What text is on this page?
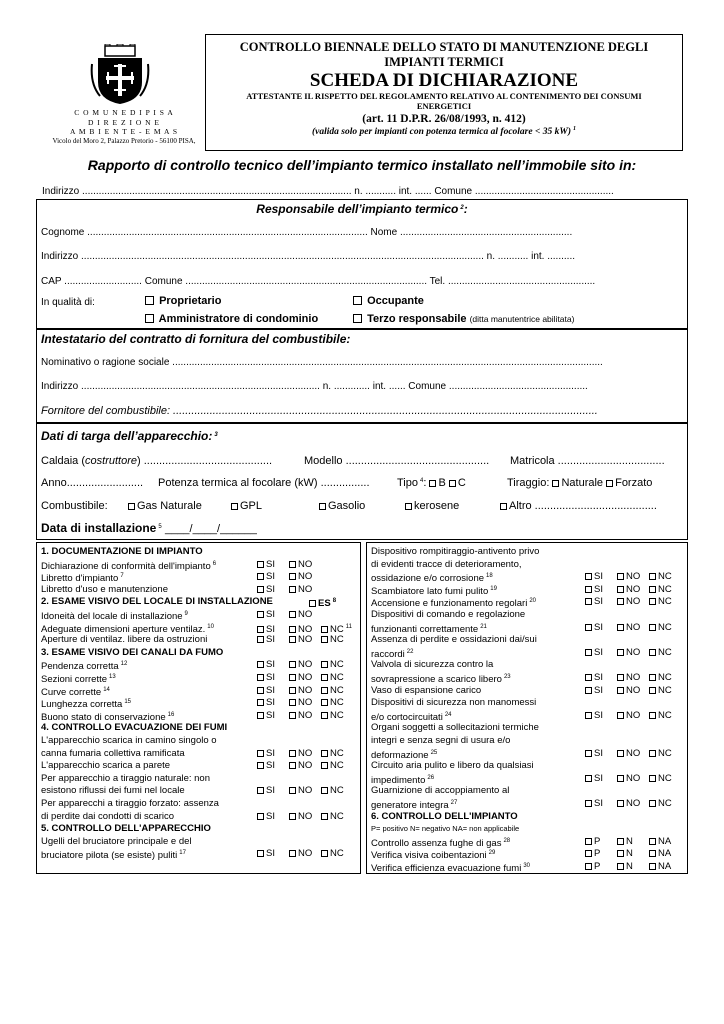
C O M U N E D I P I S A
D I R E Z I O N E
A M B I E N T E - E M A S
Vicolo del Moro 2, Palazzo Pretorio - 56100 PISA,
CONTROLLO BIENNALE DELLO STATO DI MANUTENZIONE DEGLI
IMPIANTI TERMICI
SCHEDA DI DICHIARAZIONE
ATTESTANTE IL RISPETTO DEL REGOLAMENTO RELATIVO AL CONTENIMENTO DEI CONSUMI
ENERGETICI
(art. 11 D.P.R. 26/08/1993, n. 412)
(valida solo per impianti con potenza termica al focolare < 35 kW) $^1$
Rapporto di controllo tecnico dell’impianto termico installato nell’immobile sito in:
Indirizzo ................................................................................................. n. ........... int. ...... Comune ..................................................
Responsabile dell’impianto termico $^2$:
Cognome ..................................................................................................... Nome ..............................................................
Indirizzo ................................................................................................................................................. n. ........... int. ..........
CAP ............................ Comune ....................................................................................... Tel. .....................................................
In qualità di:	Proprietario	Occupante
Amministratore di condominio	Terzo responsabile (ditta manutentrice abilitata)
Intestatario del contratto di fornitura del combustibile:
Nominativo o ragione sociale ...........................................................................................................................................................
Indirizzo ...................................................................................... n. ............. int. ...... Comune ..................................................
Fornitore del combustibile: ...........................................................................................................................................
Dati di targa dell’apparecchio: $^3$
Caldaia (costruttore) ..........................................	Modello ............................................... Matricola ...................................
Anno......................... Potenza termica al focolare (kW) ................ Tipo $^4$: B C	Tiraggio: Naturale Forzato
Combustibile:	Gas Naturale	GPL	Gasolio	kerosene	Altro ........................................
Data di installazione $^5$ ____/____/______
1. DOCUMENTAZIONE DI IMPIANTO
Dichiarazione di conformità dell'impianto $^6$	SI NO
Libretto d'impianto $^7$	SI NO
Libretto d'uso e manutenzione	SI NO
2. ESAME VISIVO DEL LOCALE DI INSTALLAZIONE	ES $^8$
Idoneità del locale di installazione $^9$	SI NO
Adeguate dimensioni aperture ventilaz. $^{10}$	SI NO NC $^{11}$
Aperture di ventilaz. libere da ostruzioni	SI NO NC
3. ESAME VISIVO DEI CANALI DA FUMO
Pendenza corretta $^{12}$	SI NO NC
Sezioni corrette $^{13}$	SI NO NC
Curve corrette $^{14}$	SI NO NC
Lunghezza corretta $^{15}$	SI NO NC
Buono stato di conservazione $^{16}$	SI NO NC
4. CONTROLLO EVACUAZIONE DEI FUMI
L'apparecchio scarica in camino singolo o
canna fumaria collettiva ramificata	SI NO NC
L'apparecchio scarica a parete	SI NO NC
Per apparecchio a tiraggio naturale: non
esistono riflussi dei fumi nel locale	SI NO NC
Per apparecchi a tiraggio forzato: assenza
di perdite dai condotti di scarico	SI NO NC
5. CONTROLLO DELL'APPARECCHIO
Ugelli del bruciatore principale e del
bruciatore pilota (se esiste) puliti $^{17}$	SI NO NC
Dispositivo rompitiraggio-antivento privo
di evidenti tracce di deterioramento,
ossidazione e/o corrosione $^{18}$	SI NO NC
Scambiatore lato fumi pulito $^{19}$	SI NO NC
Accensione e funzionamento regolari $^{20}$	SI NO NC
Dispositivi di comando e regolazione
funzionanti correttamente $^{21}$	SI NO NC
Assenza di perdite e ossidazioni dai/sui
raccordi $^{22}$	SI NO NC
Valvola di sicurezza contro la
sovrapressione a scarico libero $^{23}$	SI NO NC
Vaso di espansione carico	SI NO NC
Dispositivi di sicurezza non manomessi
e/o cortocircuitati $^{24}$	SI NO NC
Organi soggetti a sollecitazioni termiche
integri e senza segni di usura e/o
deformazione $^{25}$	SI NO NC
Circuito aria pulito e libero da qualsiasi
impedimento $^{26}$	SI NO NC
Guarnizione di accoppiamento al
generatore integra $^{27}$	SI NO NC
6. CONTROLLO DELL'IMPIANTO
P= positivo N= negativo NA= non applicabile
Controllo assenza fughe di gas $^{28}$	P	N	NA
Verifica visiva coibentazioni $^{29}$	P	N	NA
Verifica efficienza evacuazione fumi $^{30}$	P	N	NA
